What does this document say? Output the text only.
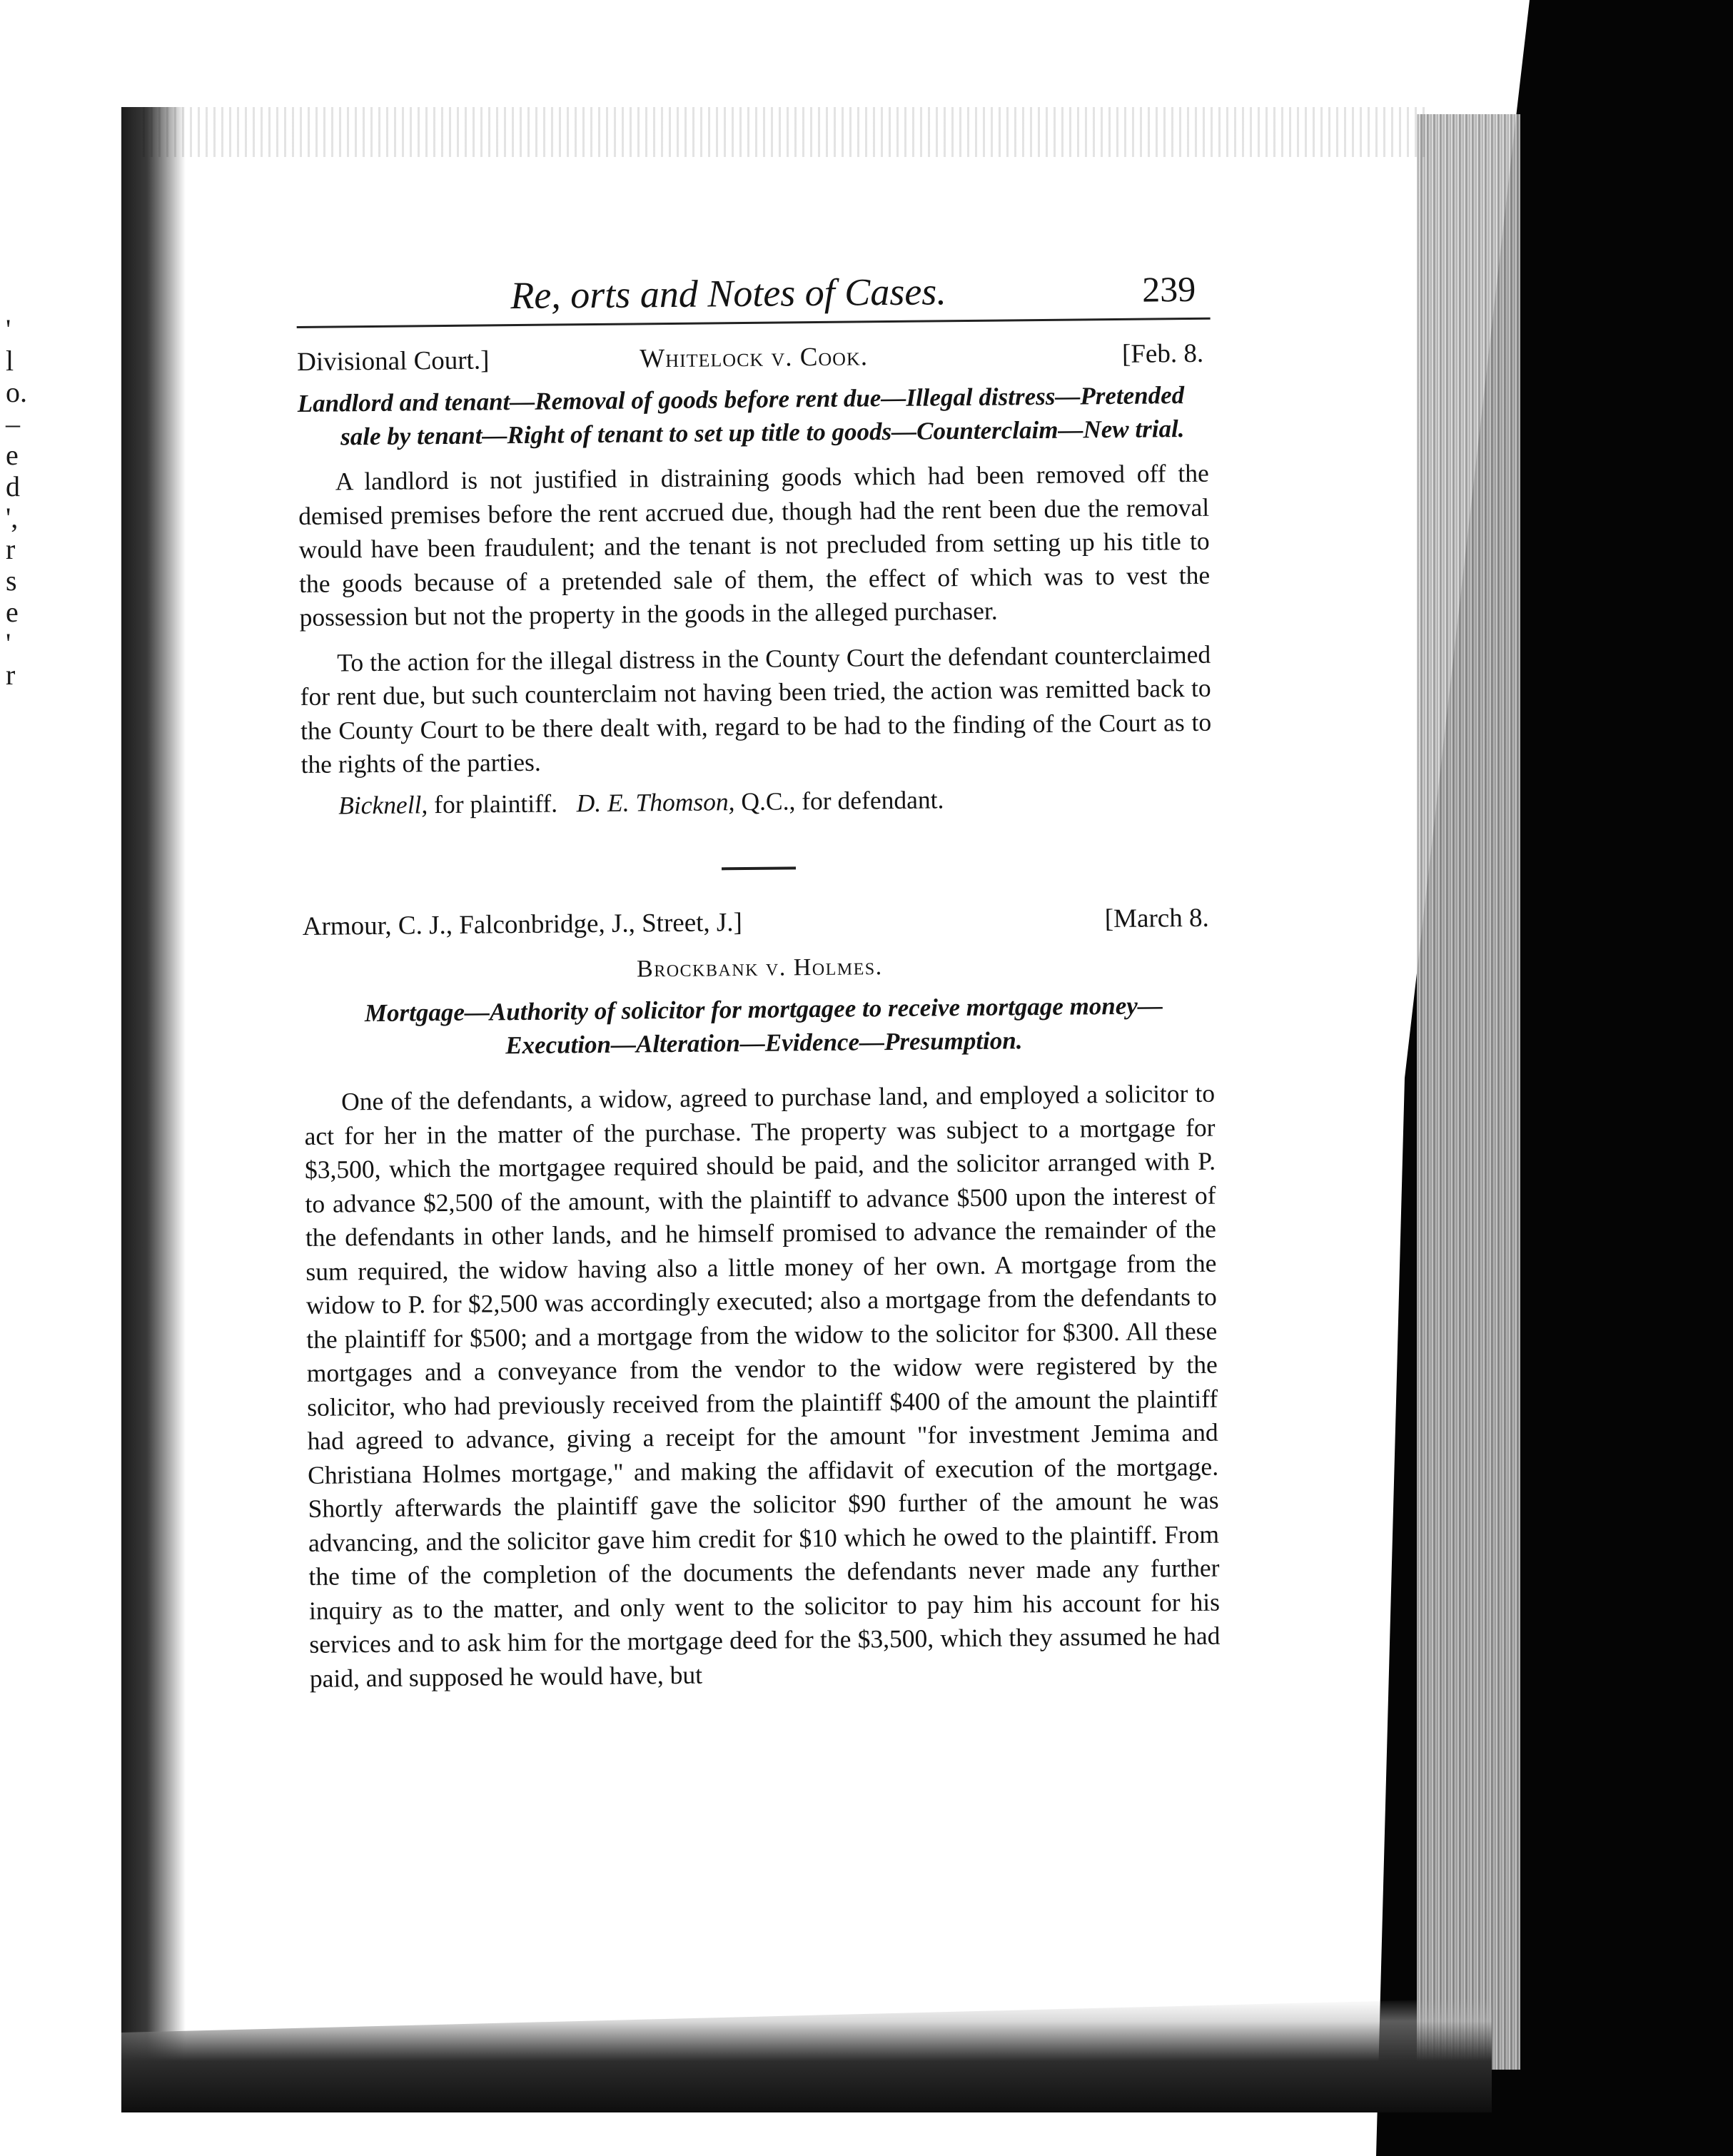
'
l
o.
–
e
d
',
r
s
e
'
r
Re, orts and Notes of Cases.	239
Divisional Court.]	Whitelock v. Cook.	[Feb. 8.

Landlord and tenant—Removal of goods before rent due—Illegal distress—Pretended sale by tenant—Right of tenant to set up title to goods—Counterclaim—New trial.

A landlord is not justified in distraining goods which had been removed off the demised premises before the rent accrued due, though had the rent been due the removal would have been fraudulent; and the tenant is not precluded from setting up his title to the goods because of a pretended sale of them, the effect of which was to vest the possession but not the property in the goods in the alleged purchaser.

To the action for the illegal distress in the County Court the defendant counterclaimed for rent due, but such counterclaim not having been tried, the action was remitted back to the County Court to be there dealt with, regard to be had to the finding of the Court as to the rights of the parties.

Bicknell, for plaintiff. D. E. Thomson, Q.C., for defendant.
Armour, C. J., Falconbridge, J., Street, J.]	[March 8.
Brockbank v. Holmes.

Mortgage—Authority of solicitor for mortgagee to receive mortgage money—Execution—Alteration—Evidence—Presumption.

One of the defendants, a widow, agreed to purchase land, and employed a solicitor to act for her in the matter of the purchase. The property was subject to a mortgage for $3,500, which the mortgagee required should be paid, and the solicitor arranged with P. to advance $2,500 of the amount, with the plaintiff to advance $500 upon the interest of the defendants in other lands, and he himself promised to advance the remainder of the sum required, the widow having also a little money of her own. A mortgage from the widow to P. for $2,500 was accordingly executed; also a mortgage from the defendants to the plaintiff for $500; and a mortgage from the widow to the solicitor for $300. All these mortgages and a conveyance from the vendor to the widow were registered by the solicitor, who had previously received from the plaintiff $400 of the amount the plaintiff had agreed to advance, giving a receipt for the amount "for investment Jemima and Christiana Holmes mortgage," and making the affidavit of execution of the mortgage. Shortly afterwards the plaintiff gave the solicitor $90 further of the amount he was advancing, and the solicitor gave him credit for $10 which he owed to the plaintiff. From the time of the completion of the documents the defendants never made any further inquiry as to the matter, and only went to the solicitor to pay him his account for his services and to ask him for the mortgage deed for the $3,500, which they assumed he had paid, and supposed he would have, but
